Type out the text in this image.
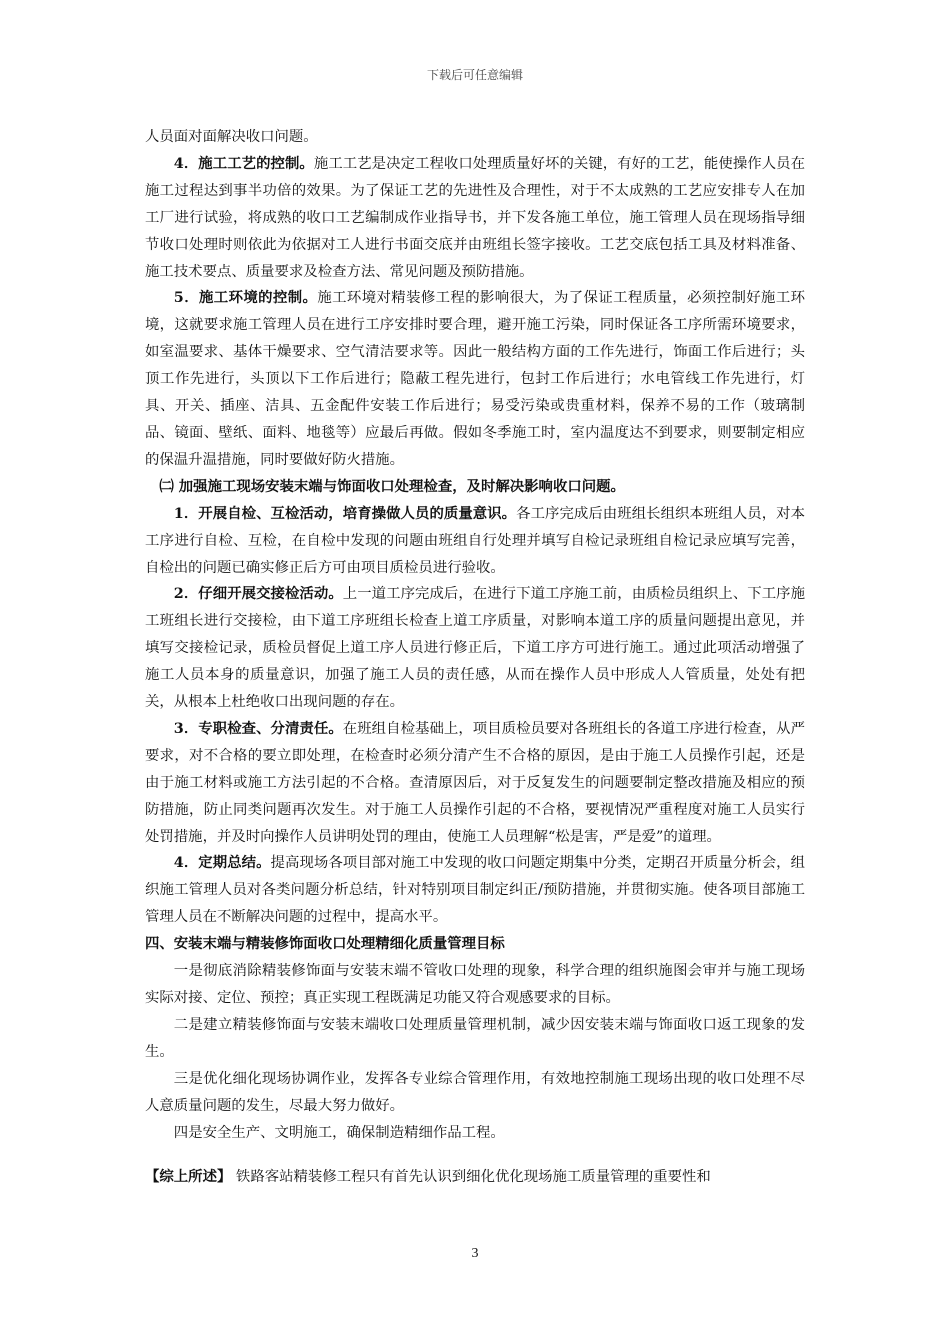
下载后可任意编辑

人员面对面解决收口问题。

4．施工工艺的控制。施工工艺是决定工程收口处理质量好坏的关键，有好的工艺，能使操作人员在施工过程达到事半功倍的效果。为了保证工艺的先进性及合理性，对于不太成熟的工艺应安排专人在加工厂进行试验，将成熟的收口工艺编制成作业指导书，并下发各施工单位，施工管理人员在现场指导细节收口处理时则依此为依据对工人进行书面交底并由班组长签字接收。工艺交底包括工具及材料准备、施工技术要点、质量要求及检查方法、常见问题及预防措施。

5．施工环境的控制。施工环境对精装修工程的影响很大，为了保证工程质量，必须控制好施工环境，这就要求施工管理人员在进行工序安排时要合理，避开施工污染，同时保证各工序所需环境要求，如室温要求、基体干燥要求、空气清洁要求等。因此一般结构方面的工作先进行，饰面工作后进行；头顶工作先进行，头顶以下工作后进行；隐蔽工程先进行，包封工作后进行；水电管线工作先进行，灯具、开关、插座、洁具、五金配件安装工作后进行；易受污染或贵重材料，保养不易的工作（玻璃制品、镜面、壁纸、面料、地毯等）应最后再做。假如冬季施工时，室内温度达不到要求，则要制定相应的保温升温措施，同时要做好防火措施。

㈡ 加强施工现场安装末端与饰面收口处理检查，及时解决影响收口问题。

1．开展自检、互检活动，培育操做人员的质量意识。各工序完成后由班组长组织本班组人员，对本工序进行自检、互检，在自检中发现的问题由班组自行处理并填写自检记录班组自检记录应填写完善，自检出的问题已确实修正后方可由项目质检员进行验收。

2．仔细开展交接检活动。上一道工序完成后，在进行下道工序施工前，由质检员组织上、下工序施工班组长进行交接检，由下道工序班组长检查上道工序质量，对影响本道工序的质量问题提出意见，并填写交接检记录，质检员督促上道工序人员进行修正后，下道工序方可进行施工。通过此项活动增强了施工人员本身的质量意识，加强了施工人员的责任感，从而在操作人员中形成人人管质量，处处有把关，从根本上杜绝收口出现问题的存在。

3．专职检查、分清责任。在班组自检基础上，项目质检员要对各班组长的各道工序进行检查，从严要求，对不合格的要立即处理，在检查时必须分清产生不合格的原因，是由于施工人员操作引起，还是由于施工材料或施工方法引起的不合格。查清原因后，对于反复发生的问题要制定整改措施及相应的预防措施，防止同类问题再次发生。对于施工人员操作引起的不合格，要视情况严重程度对施工人员实行处罚措施，并及时向操作人员讲明处罚的理由，使施工人员理解“松是害，严是爱”的道理。

4．定期总结。提高现场各项目部对施工中发现的收口问题定期集中分类，定期召开质量分析会，组织施工管理人员对各类问题分析总结，针对特别项目制定纠正/预防措施，并贯彻实施。使各项目部施工管理人员在不断解决问题的过程中，提高水平。

四、安装末端与精装修饰面收口处理精细化质量管理目标

一是彻底消除精装修饰面与安装末端不管收口处理的现象，科学合理的组织施图会审并与施工现场实际对接、定位、预控；真正实现工程既满足功能又符合观感要求的目标。

二是建立精装修饰面与安装末端收口处理质量管理机制，减少因安装末端与饰面收口返工现象的发生。

三是优化细化现场协调作业，发挥各专业综合管理作用，有效地控制施工现场出现的收口处理不尽人意质量问题的发生，尽最大努力做好。

四是安全生产、文明施工，确保制造精细作品工程。

【综上所述】 铁路客站精装修工程只有首先认识到细化优化现场施工质量管理的重要性和

3
